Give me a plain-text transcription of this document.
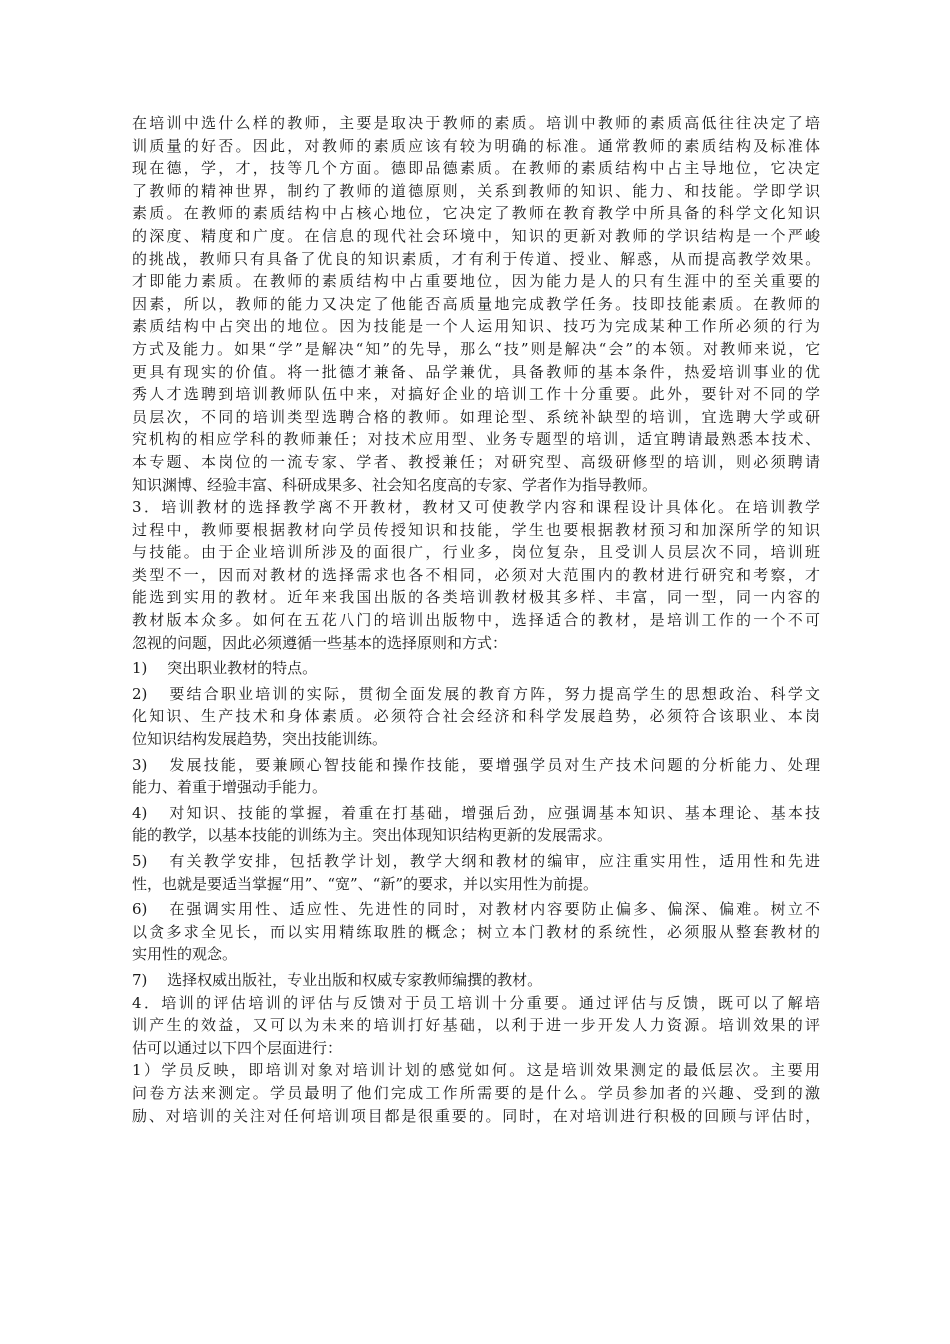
在培训中选什么样的教师，主要是取决于教师的素质。培训中教师的素质高低往往决定了培
训质量的好否。因此，对教师的素质应该有较为明确的标准。通常教师的素质结构及标准体
现在德，学，才，技等几个方面。德即品德素质。在教师的素质结构中占主导地位，它决定
了教师的精神世界，制约了教师的道德原则，关系到教师的知识、能力、和技能。学即学识
素质。在教师的素质结构中占核心地位，它决定了教师在教育教学中所具备的科学文化知识
的深度、精度和广度。在信息的现代社会环境中，知识的更新对教师的学识结构是一个严峻
的挑战，教师只有具备了优良的知识素质，才有利于传道、授业、解惑，从而提高教学效果。
才即能力素质。在教师的素质结构中占重要地位，因为能力是人的只有生涯中的至关重要的
因素，所以，教师的能力又决定了他能否高质量地完成教学任务。技即技能素质。在教师的
素质结构中占突出的地位。因为技能是一个人运用知识、技巧为完成某种工作所必须的行为
方式及能力。如果“学”是解决“知”的先导，那么“技”则是解决“会”的本领。对教师来说，它
更具有现实的价值。将一批德才兼备、品学兼优，具备教师的基本条件，热爱培训事业的优
秀人才选聘到培训教师队伍中来，对搞好企业的培训工作十分重要。此外，要针对不同的学
员层次，不同的培训类型选聘合格的教师。如理论型、系统补缺型的培训，宜选聘大学或研
究机构的相应学科的教师兼任；对技术应用型、业务专题型的培训，适宜聘请最熟悉本技术、
本专题、本岗位的一流专家、学者、教授兼任；对研究型、高级研修型的培训，则必须聘请
知识渊博、经验丰富、科研成果多、社会知名度高的专家、学者作为指导教师。
3．培训教材的选择教学离不开教材，教材又可使教学内容和课程设计具体化。在培训教学
过程中，教师要根据教材向学员传授知识和技能，学生也要根据教材预习和加深所学的知识
与技能。由于企业培训所涉及的面很广，行业多，岗位复杂，且受训人员层次不同，培训班
类型不一，因而对教材的选择需求也各不相同，必须对大范围内的教材进行研究和考察，才
能选到实用的教材。近年来我国出版的各类培训教材极其多样、丰富，同一型，同一内容的
教材版本众多。如何在五花八门的培训出版物中，选择适合的教材，是培训工作的一个不可
忽视的问题，因此必须遵循一些基本的选择原则和方式：
1)  突出职业教材的特点。
2)  要结合职业培训的实际，贯彻全面发展的教育方阵，努力提高学生的思想政治、科学文
化知识、生产技术和身体素质。必须符合社会经济和科学发展趋势，必须符合该职业、本岗
位知识结构发展趋势，突出技能训练。
3)  发展技能，要兼顾心智技能和操作技能，要增强学员对生产技术问题的分析能力、处理
能力、着重于增强动手能力。
4)  对知识、技能的掌握，着重在打基础，增强后劲，应强调基本知识、基本理论、基本技
能的教学，以基本技能的训练为主。突出体现知识结构更新的发展需求。
5)  有关教学安排，包括教学计划，教学大纲和教材的编审，应注重实用性，适用性和先进
性，也就是要适当掌握“用”、“宽”、“新”的要求，并以实用性为前提。
6)  在强调实用性、适应性、先进性的同时，对教材内容要防止偏多、偏深、偏难。树立不
以贪多求全见长，而以实用精练取胜的概念；树立本门教材的系统性，必须服从整套教材的
实用性的观念。
7)  选择权威出版社，专业出版和权威专家教师编撰的教材。
4．培训的评估培训的评估与反馈对于员工培训十分重要。通过评估与反馈，既可以了解培
训产生的效益，又可以为未来的培训打好基础，以利于进一步开发人力资源。培训效果的评
估可以通过以下四个层面进行：
1）学员反映，即培训对象对培训计划的感觉如何。这是培训效果测定的最低层次。主要用
问卷方法来测定。学员最明了他们完成工作所需要的是什么。学员参加者的兴趣、受到的激
励、对培训的关注对任何培训项目都是很重要的。同时，在对培训进行积极的回顾与评估时，
